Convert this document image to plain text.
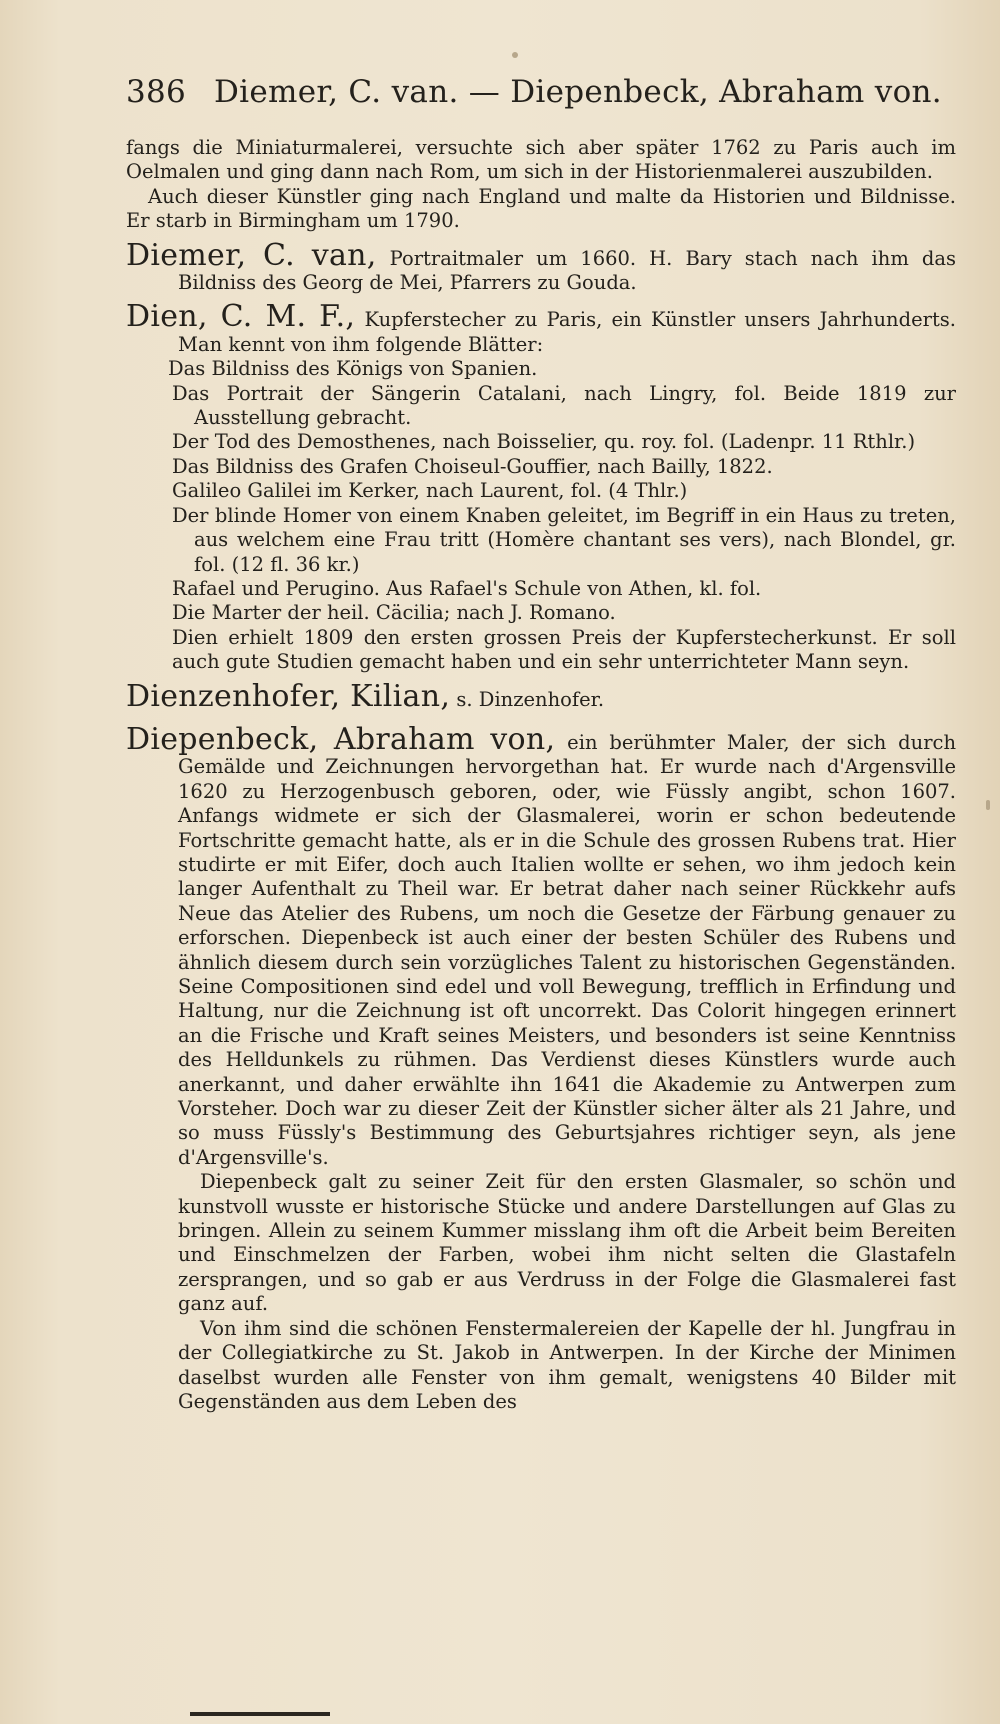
386 Diemer, C. van. — Diepenbeck, Abraham von.

fangs die Miniaturmalerei, versuchte sich aber später 1762 zu Paris auch im Oelmalen und ging dann nach Rom, um sich in der Historienmalerei auszubilden.

Auch dieser Künstler ging nach England und malte da Historien und Bildnisse. Er starb in Birmingham um 1790.

Diemer, C. van, Portraitmaler um 1660. H. Bary stach nach ihm das Bildniss des Georg de Mei, Pfarrers zu Gouda.

Dien, C. M. F., Kupferstecher zu Paris, ein Künstler unsers Jahrhunderts. Man kennt von ihm folgende Blätter:

Das Bildniss des Königs von Spanien.
Das Portrait der Sängerin Catalani, nach Lingry, fol. Beide 1819 zur Ausstellung gebracht.
Der Tod des Demosthenes, nach Boisselier, qu. roy. fol. (Ladenpr. 11 Rthlr.)
Das Bildniss des Grafen Choiseul-Gouffier, nach Bailly, 1822.
Galileo Galilei im Kerker, nach Laurent, fol. (4 Thlr.)
Der blinde Homer von einem Knaben geleitet, im Begriff in ein Haus zu treten, aus welchem eine Frau tritt (Homère chantant ses vers), nach Blondel, gr. fol. (12 fl. 36 kr.)
Rafael und Perugino. Aus Rafael's Schule von Athen, kl. fol.
Die Marter der heil. Cäcilia; nach J. Romano.

Dien erhielt 1809 den ersten grossen Preis der Kupferstecherkunst. Er soll auch gute Studien gemacht haben und ein sehr unterrichteter Mann seyn.

Dienzenhofer, Kilian, s. Dinzenhofer.

Diepenbeck, Abraham von, ein berühmter Maler, der sich durch Gemälde und Zeichnungen hervorgethan hat. Er wurde nach d'Argensville 1620 zu Herzogenbusch geboren, oder, wie Füssly angibt, schon 1607. Anfangs widmete er sich der Glasmalerei, worin er schon bedeutende Fortschritte gemacht hatte, als er in die Schule des grossen Rubens trat. Hier studirte er mit Eifer, doch auch Italien wollte er sehen, wo ihm jedoch kein langer Aufenthalt zu Theil war. Er betrat daher nach seiner Rückkehr aufs Neue das Atelier des Rubens, um noch die Gesetze der Färbung genauer zu erforschen. Diepenbeck ist auch einer der besten Schüler des Rubens und ähnlich diesem durch sein vorzügliches Talent zu historischen Gegenständen. Seine Compositionen sind edel und voll Bewegung, trefflich in Erfindung und Haltung, nur die Zeichnung ist oft uncorrekt. Das Colorit hingegen erinnert an die Frische und Kraft seines Meisters, und besonders ist seine Kenntniss des Helldunkels zu rühmen. Das Verdienst dieses Künstlers wurde auch anerkannt, und daher erwählte ihn 1641 die Akademie zu Antwerpen zum Vorsteher. Doch war zu dieser Zeit der Künstler sicher älter als 21 Jahre, und so muss Füssly's Bestimmung des Geburtsjahres richtiger seyn, als jene d'Argensville's.

Diepenbeck galt zu seiner Zeit für den ersten Glasmaler, so schön und kunstvoll wusste er historische Stücke und andere Darstellungen auf Glas zu bringen. Allein zu seinem Kummer misslang ihm oft die Arbeit beim Bereiten und Einschmelzen der Farben, wobei ihm nicht selten die Glastafeln zersprangen, und so gab er aus Verdruss in der Folge die Glasmalerei fast ganz auf.

Von ihm sind die schönen Fenstermalereien der Kapelle der hl. Jungfrau in der Collegiatkirche zu St. Jakob in Antwerpen. In der Kirche der Minimen daselbst wurden alle Fenster von ihm gemalt, wenigstens 40 Bilder mit Gegenständen aus dem Leben des
